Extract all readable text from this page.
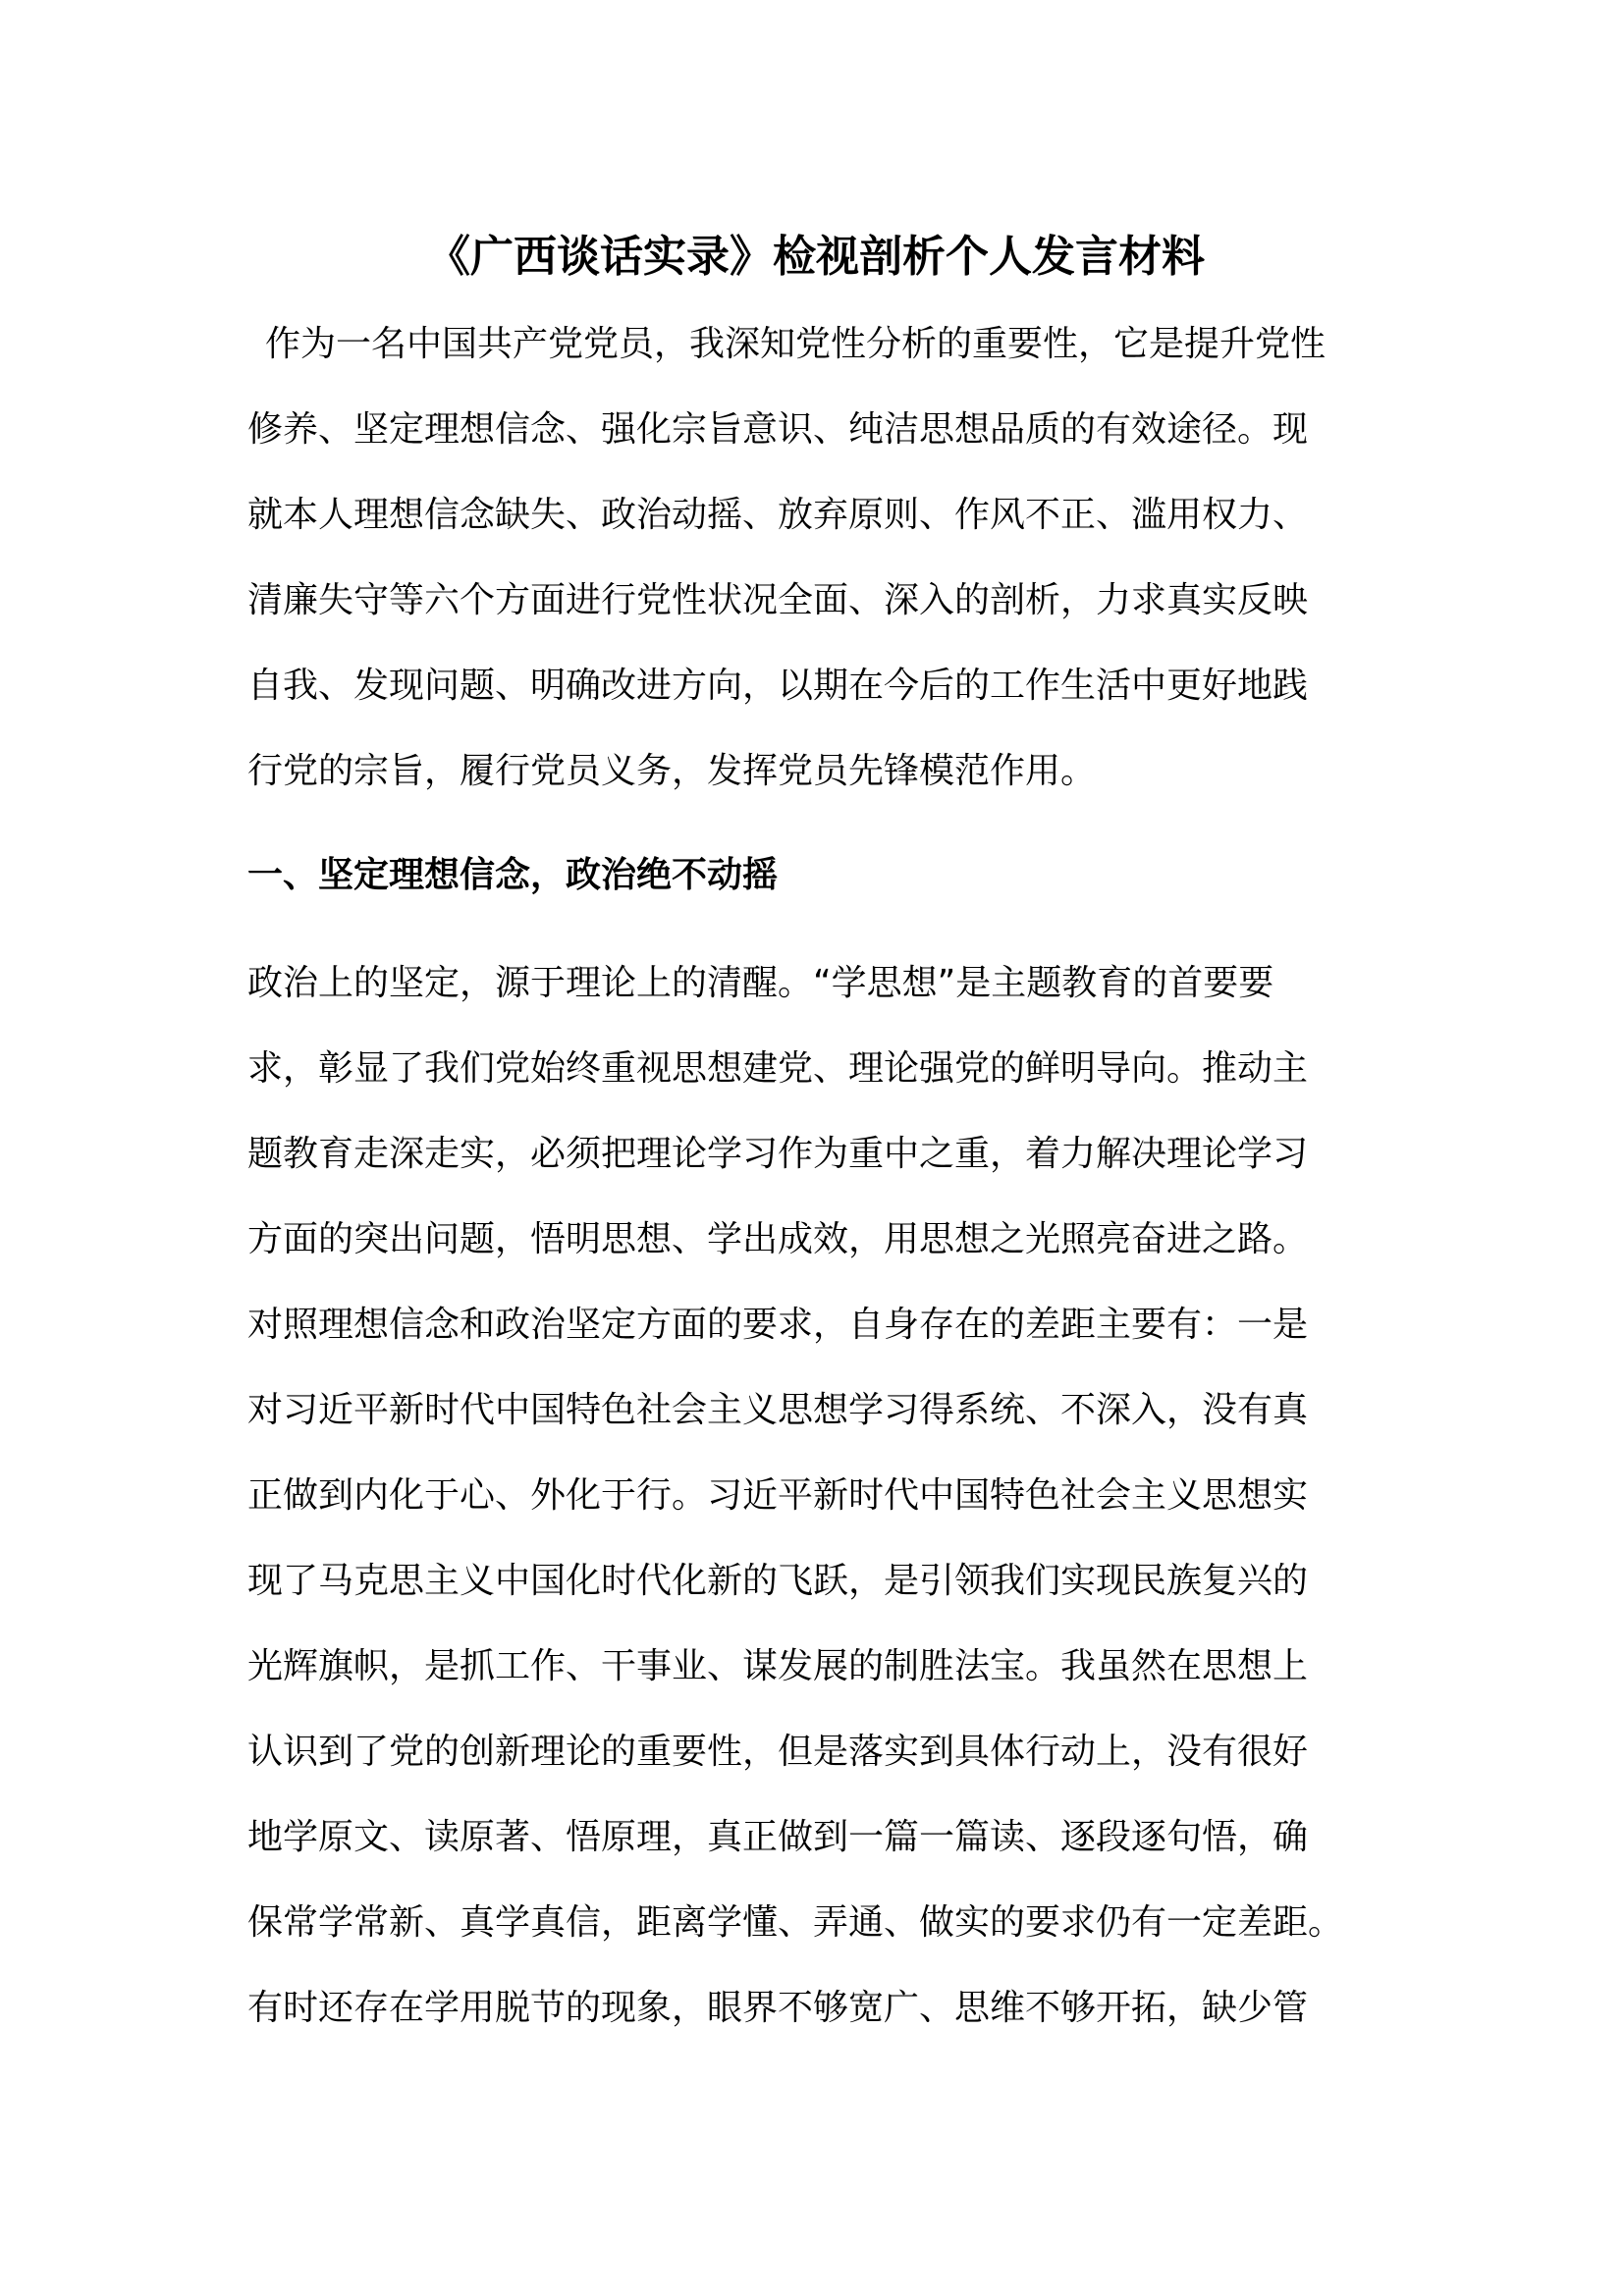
《广西谈话实录》检视剖析个人发言材料

作为一名中国共产党党员，我深知党性分析的重要性，它是提升党性
修养、坚定理想信念、强化宗旨意识、纯洁思想品质的有效途径。现
就本人理想信念缺失、政治动摇、放弃原则、作风不正、滥用权力、
清廉失守等六个方面进行党性状况全面、深入的剖析，力求真实反映
自我、发现问题、明确改进方向，以期在今后的工作生活中更好地践
行党的宗旨，履行党员义务，发挥党员先锋模范作用。

一、坚定理想信念，政治绝不动摇

政治上的坚定，源于理论上的清醒。“学思想”是主题教育的首要要
求，彰显了我们党始终重视思想建党、理论强党的鲜明导向。推动主
题教育走深走实，必须把理论学习作为重中之重，着力解决理论学习
方面的突出问题，悟明思想、学出成效，用思想之光照亮奋进之路。
对照理想信念和政治坚定方面的要求，自身存在的差距主要有：一是
对习近平新时代中国特色社会主义思想学习得系统、不深入，没有真
正做到内化于心、外化于行。习近平新时代中国特色社会主义思想实
现了马克思主义中国化时代化新的飞跃，是引领我们实现民族复兴的
光辉旗帜，是抓工作、干事业、谋发展的制胜法宝。我虽然在思想上
认识到了党的创新理论的重要性，但是落实到具体行动上，没有很好
地学原文、读原著、悟原理，真正做到一篇一篇读、逐段逐句悟，确
保常学常新、真学真信，距离学懂、弄通、做实的要求仍有一定差距。
有时还存在学用脱节的现象，眼界不够宽广、思维不够开拓，缺少管
